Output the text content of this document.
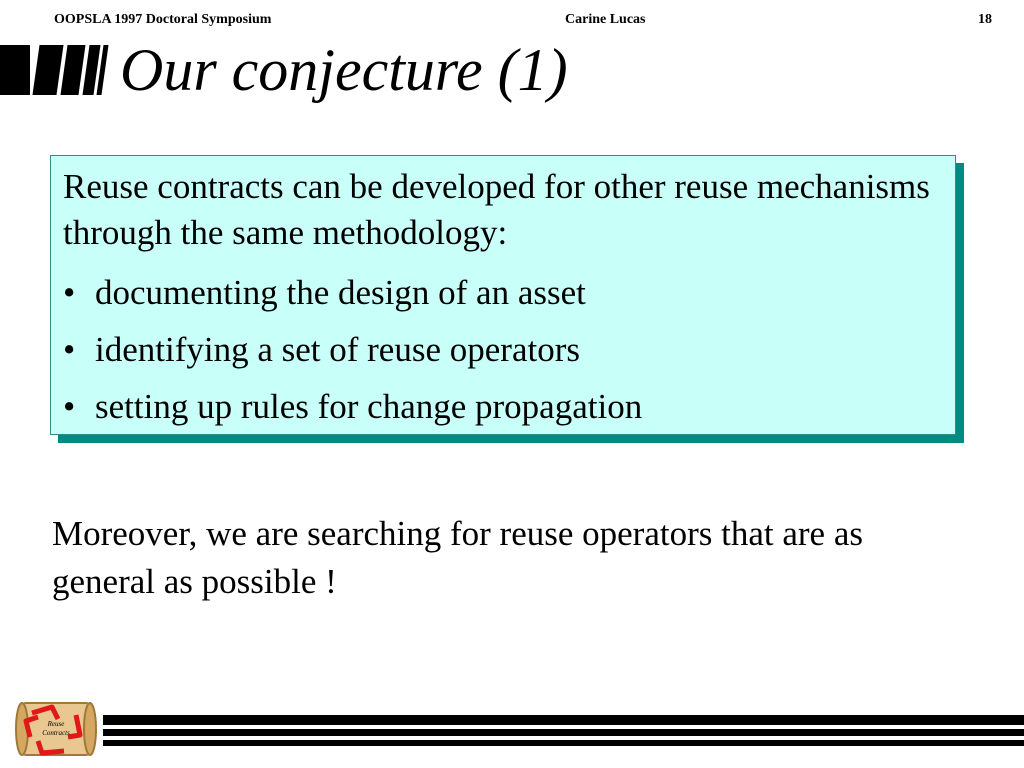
OOPSLA 1997 Doctoral Symposium	Carine Lucas	18
Our conjecture (1)

Reuse contracts can be developed for other reuse mechanisms through the same methodology:

• documenting the design of an asset
• identifying a set of reuse operators
• setting up rules for change propagation

Moreover, we are searching for reuse operators that are as general as possible !

Reuse
Contracts
